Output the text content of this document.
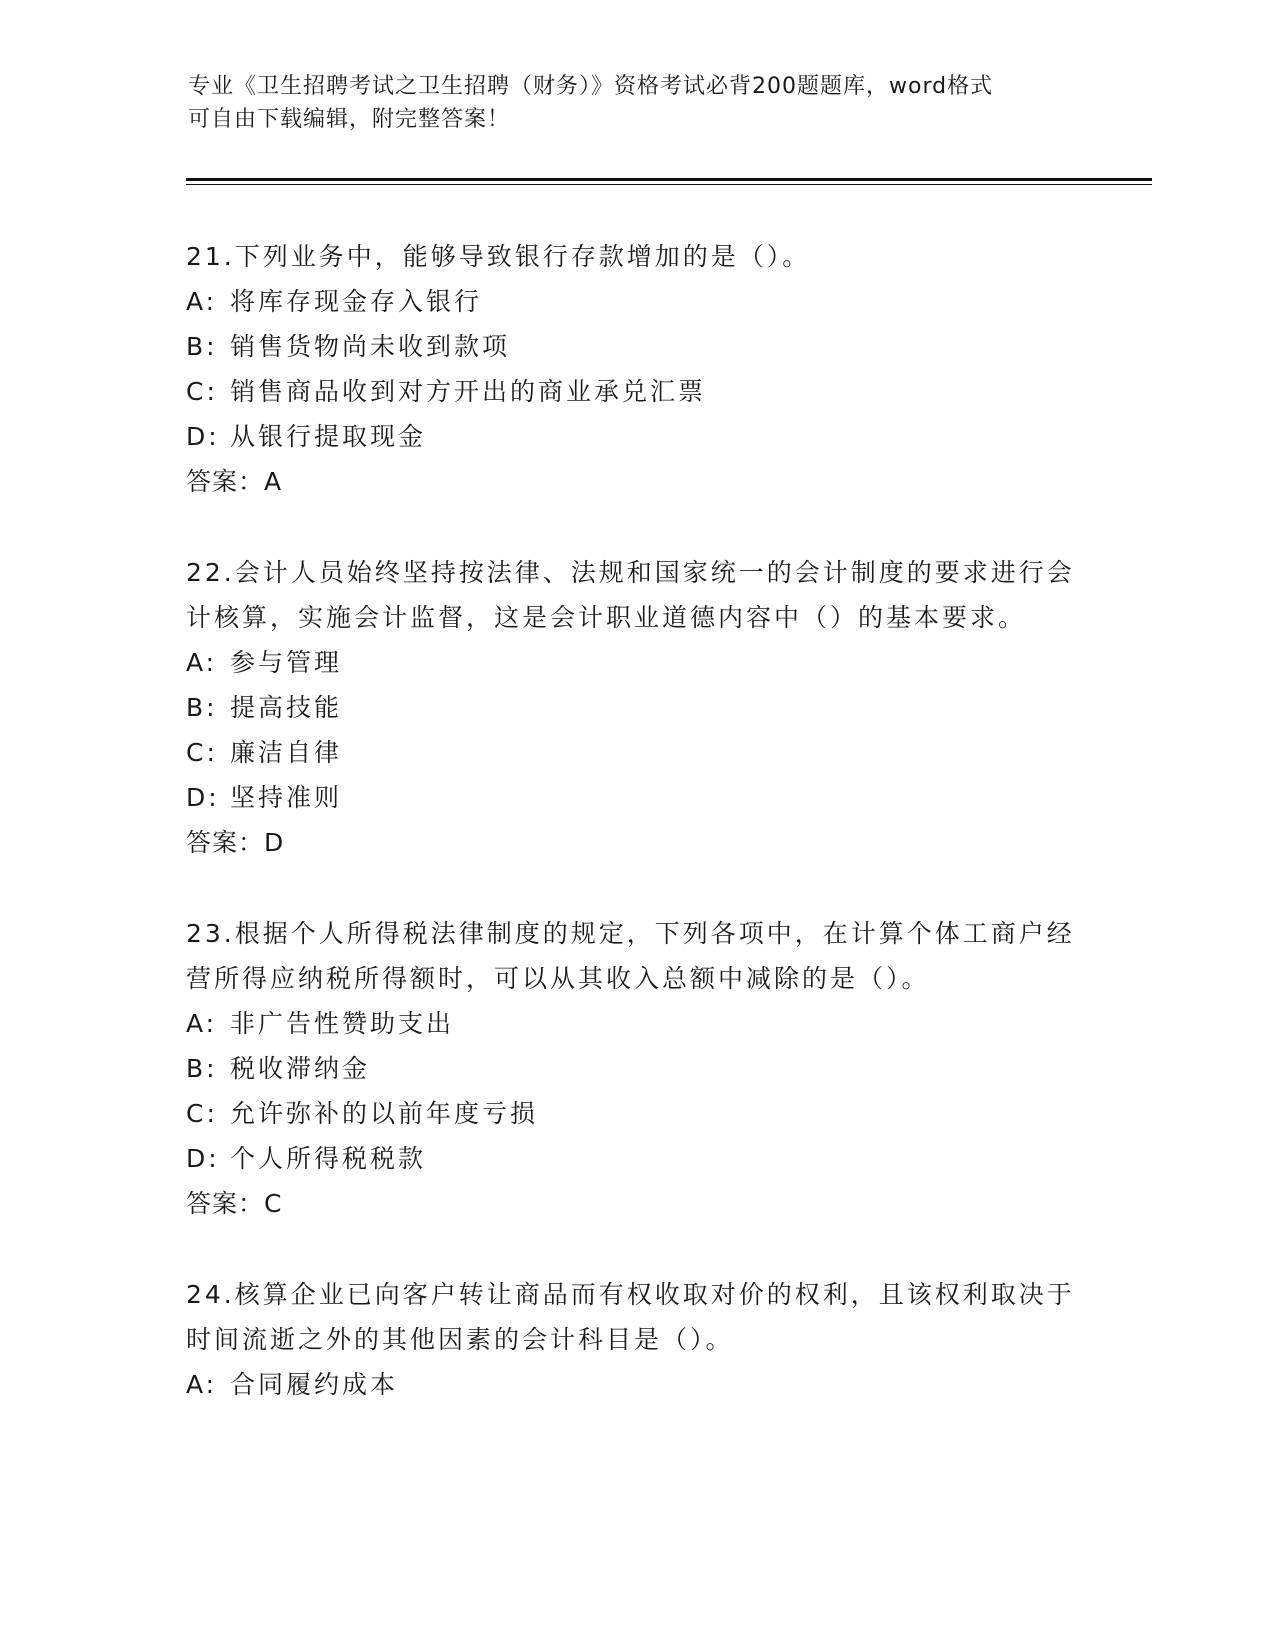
专业《卫生招聘考试之卫生招聘（财务）》资格考试必背200题题库，word格式
可自由下载编辑，附完整答案！

21.下列业务中，能够导致银行存款增加的是（）。

A: 将库存现金存入银行

B: 销售货物尚未收到款项

C: 销售商品收到对方开出的商业承兑汇票

D: 从银行提取现金

答案：A

22.会计人员始终坚持按法律、法规和国家统一的会计制度的要求进行会计核算，实施会计监督，这是会计职业道德内容中（）的基本要求。

A: 参与管理

B: 提高技能

C: 廉洁自律

D: 坚持准则

答案：D

23.根据个人所得税法律制度的规定，下列各项中，在计算个体工商户经营所得应纳税所得额时，可以从其收入总额中减除的是（）。

A: 非广告性赞助支出

B: 税收滞纳金

C: 允许弥补的以前年度亏损

D: 个人所得税税款

答案：C

24.核算企业已向客户转让商品而有权收取对价的权利，且该权利取决于时间流逝之外的其他因素的会计科目是（）。

A: 合同履约成本
